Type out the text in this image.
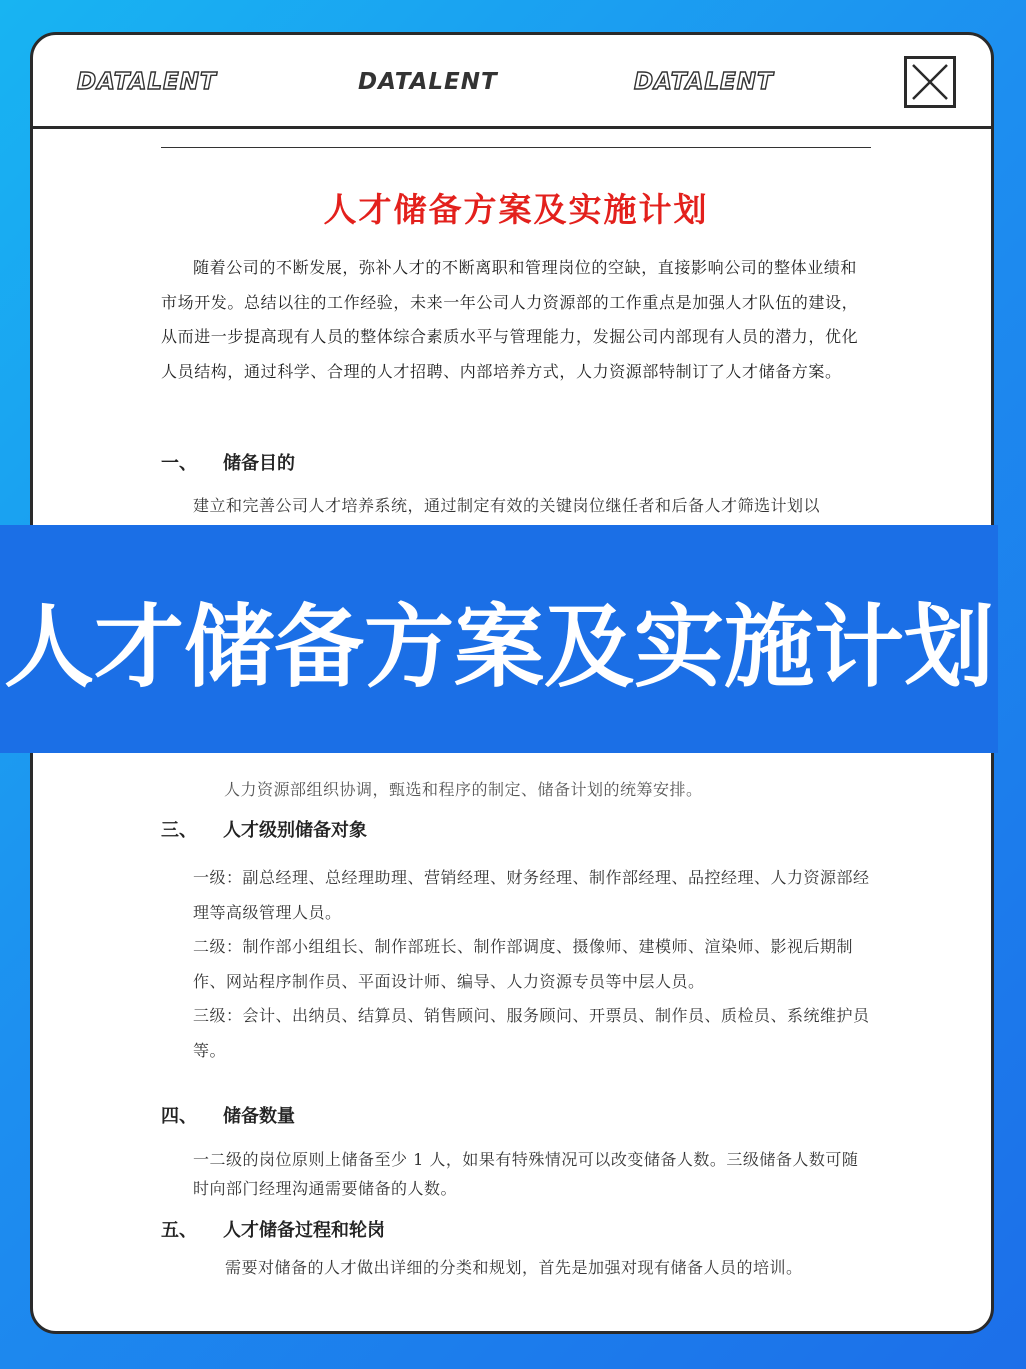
DATALENT	DATALENT	DATALENT
人才储备方案及实施计划

随着公司的不断发展，弥补人才的不断离职和管理岗位的空缺，直接影响公司的整体业绩和市场开发。总结以往的工作经验，未来一年公司人力资源部的工作重点是加强人才队伍的建设，从而进一步提高现有人员的整体综合素质水平与管理能力，发掘公司内部现有人员的潜力，优化人员结构，通过科学、合理的人才招聘、内部培养方式，人力资源部特制订了人才储备方案。

一、 储备目的
建立和完善公司人才培养系统，通过制定有效的关键岗位继任者和后备人才筛选计划以
人力资源部组织协调，甄选和程序的制定、储备计划的统筹安排。
三、 人才级别储备对象
一级：副总经理、总经理助理、营销经理、财务经理、制作部经理、品控经理、人力资源部经理等高级管理人员。
二级：制作部小组组长、制作部班长、制作部调度、摄像师、建模师、渲染师、影视后期制作、网站程序制作员、平面设计师、编导、人力资源专员等中层人员。
三级：会计、出纳员、结算员、销售顾问、服务顾问、开票员、制作员、质检员、系统维护员等。
四、 储备数量
一二级的岗位原则上储备至少 1 人，如果有特殊情况可以改变储备人数。三级储备人数可随时向部门经理沟通需要储备的人数。
五、 人才储备过程和轮岗
需要对储备的人才做出详细的分类和规划，首先是加强对现有储备人员的培训。
人才储备方案及实施计划
